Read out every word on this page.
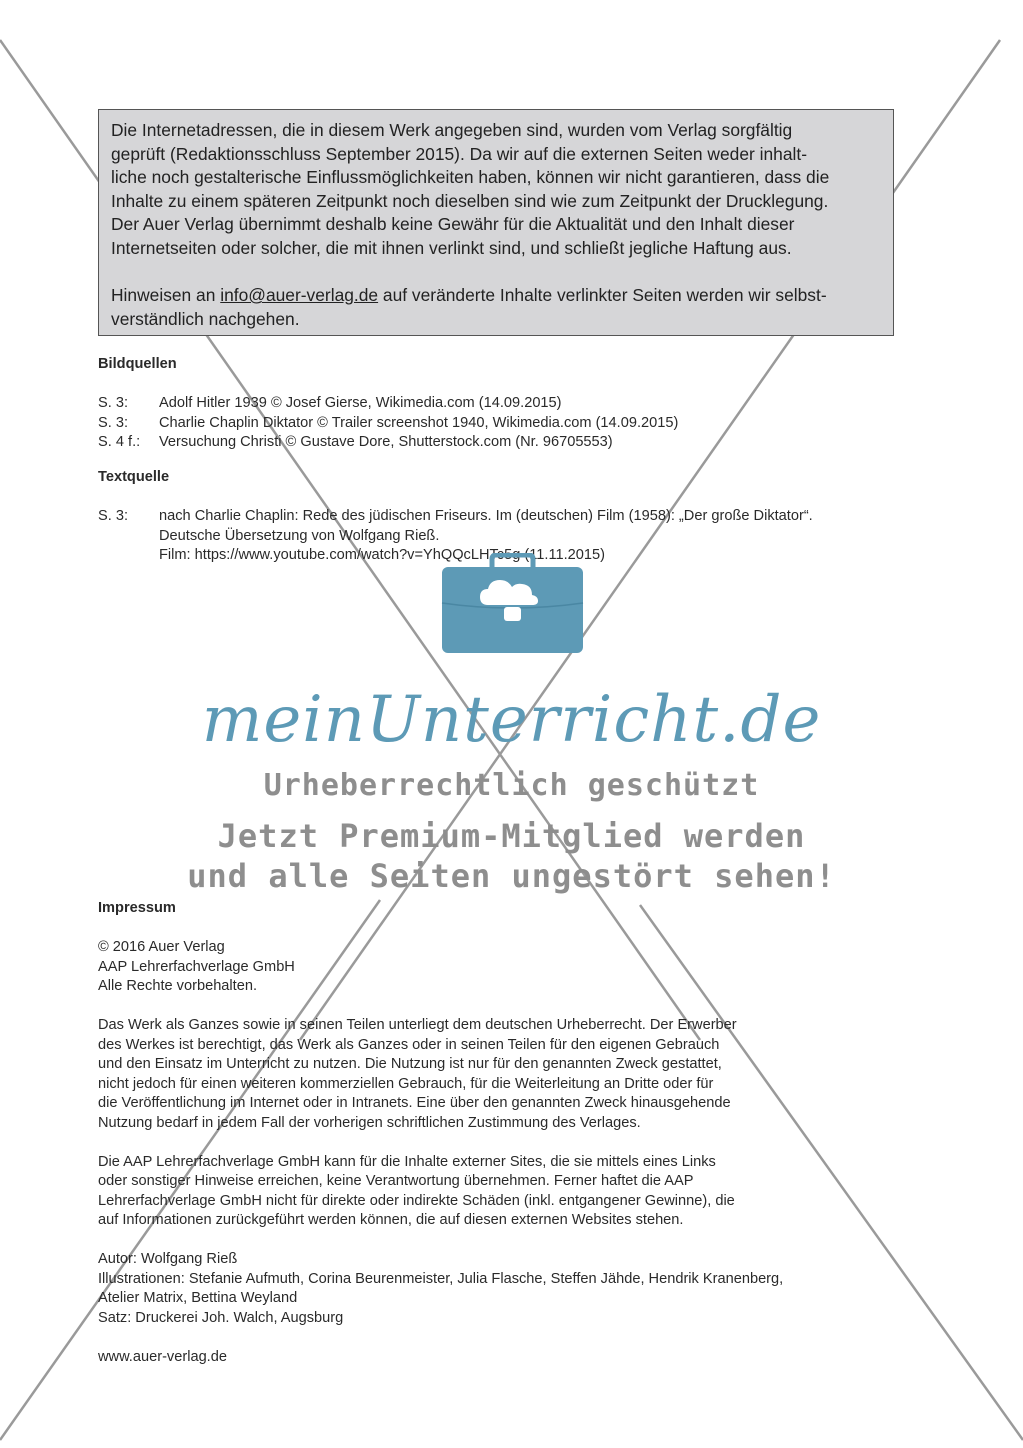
Die Internetadressen, die in diesem Werk angegeben sind, wurden vom Verlag sorgfältig
geprüft (Redaktionsschluss September 2015). Da wir auf die externen Seiten weder inhalt-
liche noch gestalterische Einflussmöglichkeiten haben, können wir nicht garantieren, dass die
Inhalte zu einem späteren Zeitpunkt noch dieselben sind wie zum Zeitpunkt der Drucklegung.
Der Auer Verlag übernimmt deshalb keine Gewähr für die Aktualität und den Inhalt dieser
Internetseiten oder solcher, die mit ihnen verlinkt sind, und schließt jegliche Haftung aus.

Hinweisen an info@auer-verlag.de auf veränderte Inhalte verlinkter Seiten werden wir selbst-
verständlich nachgehen.

Bildquellen
S. 3:	Adolf Hitler 1939 © Josef Gierse, Wikimedia.com (14.09.2015)
S. 3:	Charlie Chaplin Diktator © Trailer screenshot 1940, Wikimedia.com (14.09.2015)
S. 4 f.:	Versuchung Christi © Gustave Dore, Shutterstock.com (Nr. 96705553)
Textquelle
S. 3:	nach Charlie Chaplin: Rede des jüdischen Friseurs. Im (deutschen) Film (1958): „Der große Diktator“.
Deutsche Übersetzung von Wolfgang Rieß.
Film: https://www.youtube.com/watch?v=YhQQcLHTc5g (11.11.2015)
meinUnterricht.de
Urheberrechtlich geschützt
Jetzt Premium-Mitglied werden
und alle Seiten ungestört sehen!
Impressum
© 2016 Auer Verlag
AAP Lehrerfachverlage GmbH
Alle Rechte vorbehalten.
Das Werk als Ganzes sowie in seinen Teilen unterliegt dem deutschen Urheberrecht. Der Erwerber
des Werkes ist berechtigt, das Werk als Ganzes oder in seinen Teilen für den eigenen Gebrauch
und den Einsatz im Unterricht zu nutzen. Die Nutzung ist nur für den genannten Zweck gestattet,
nicht jedoch für einen weiteren kommerziellen Gebrauch, für die Weiterleitung an Dritte oder für
die Veröffentlichung im Internet oder in Intranets. Eine über den genannten Zweck hinausgehende
Nutzung bedarf in jedem Fall der vorherigen schriftlichen Zustimmung des Verlages.
Die AAP Lehrerfachverlage GmbH kann für die Inhalte externer Sites, die sie mittels eines Links
oder sonstiger Hinweise erreichen, keine Verantwortung übernehmen. Ferner haftet die AAP
Lehrerfachverlage GmbH nicht für direkte oder indirekte Schäden (inkl. entgangener Gewinne), die
auf Informationen zurückgeführt werden können, die auf diesen externen Websites stehen.
Autor: Wolfgang Rieß
Illustrationen: Stefanie Aufmuth, Corina Beurenmeister, Julia Flasche, Steffen Jähde, Hendrik Kranenberg,
Atelier Matrix, Bettina Weyland
Satz: Druckerei Joh. Walch, Augsburg
www.auer-verlag.de
